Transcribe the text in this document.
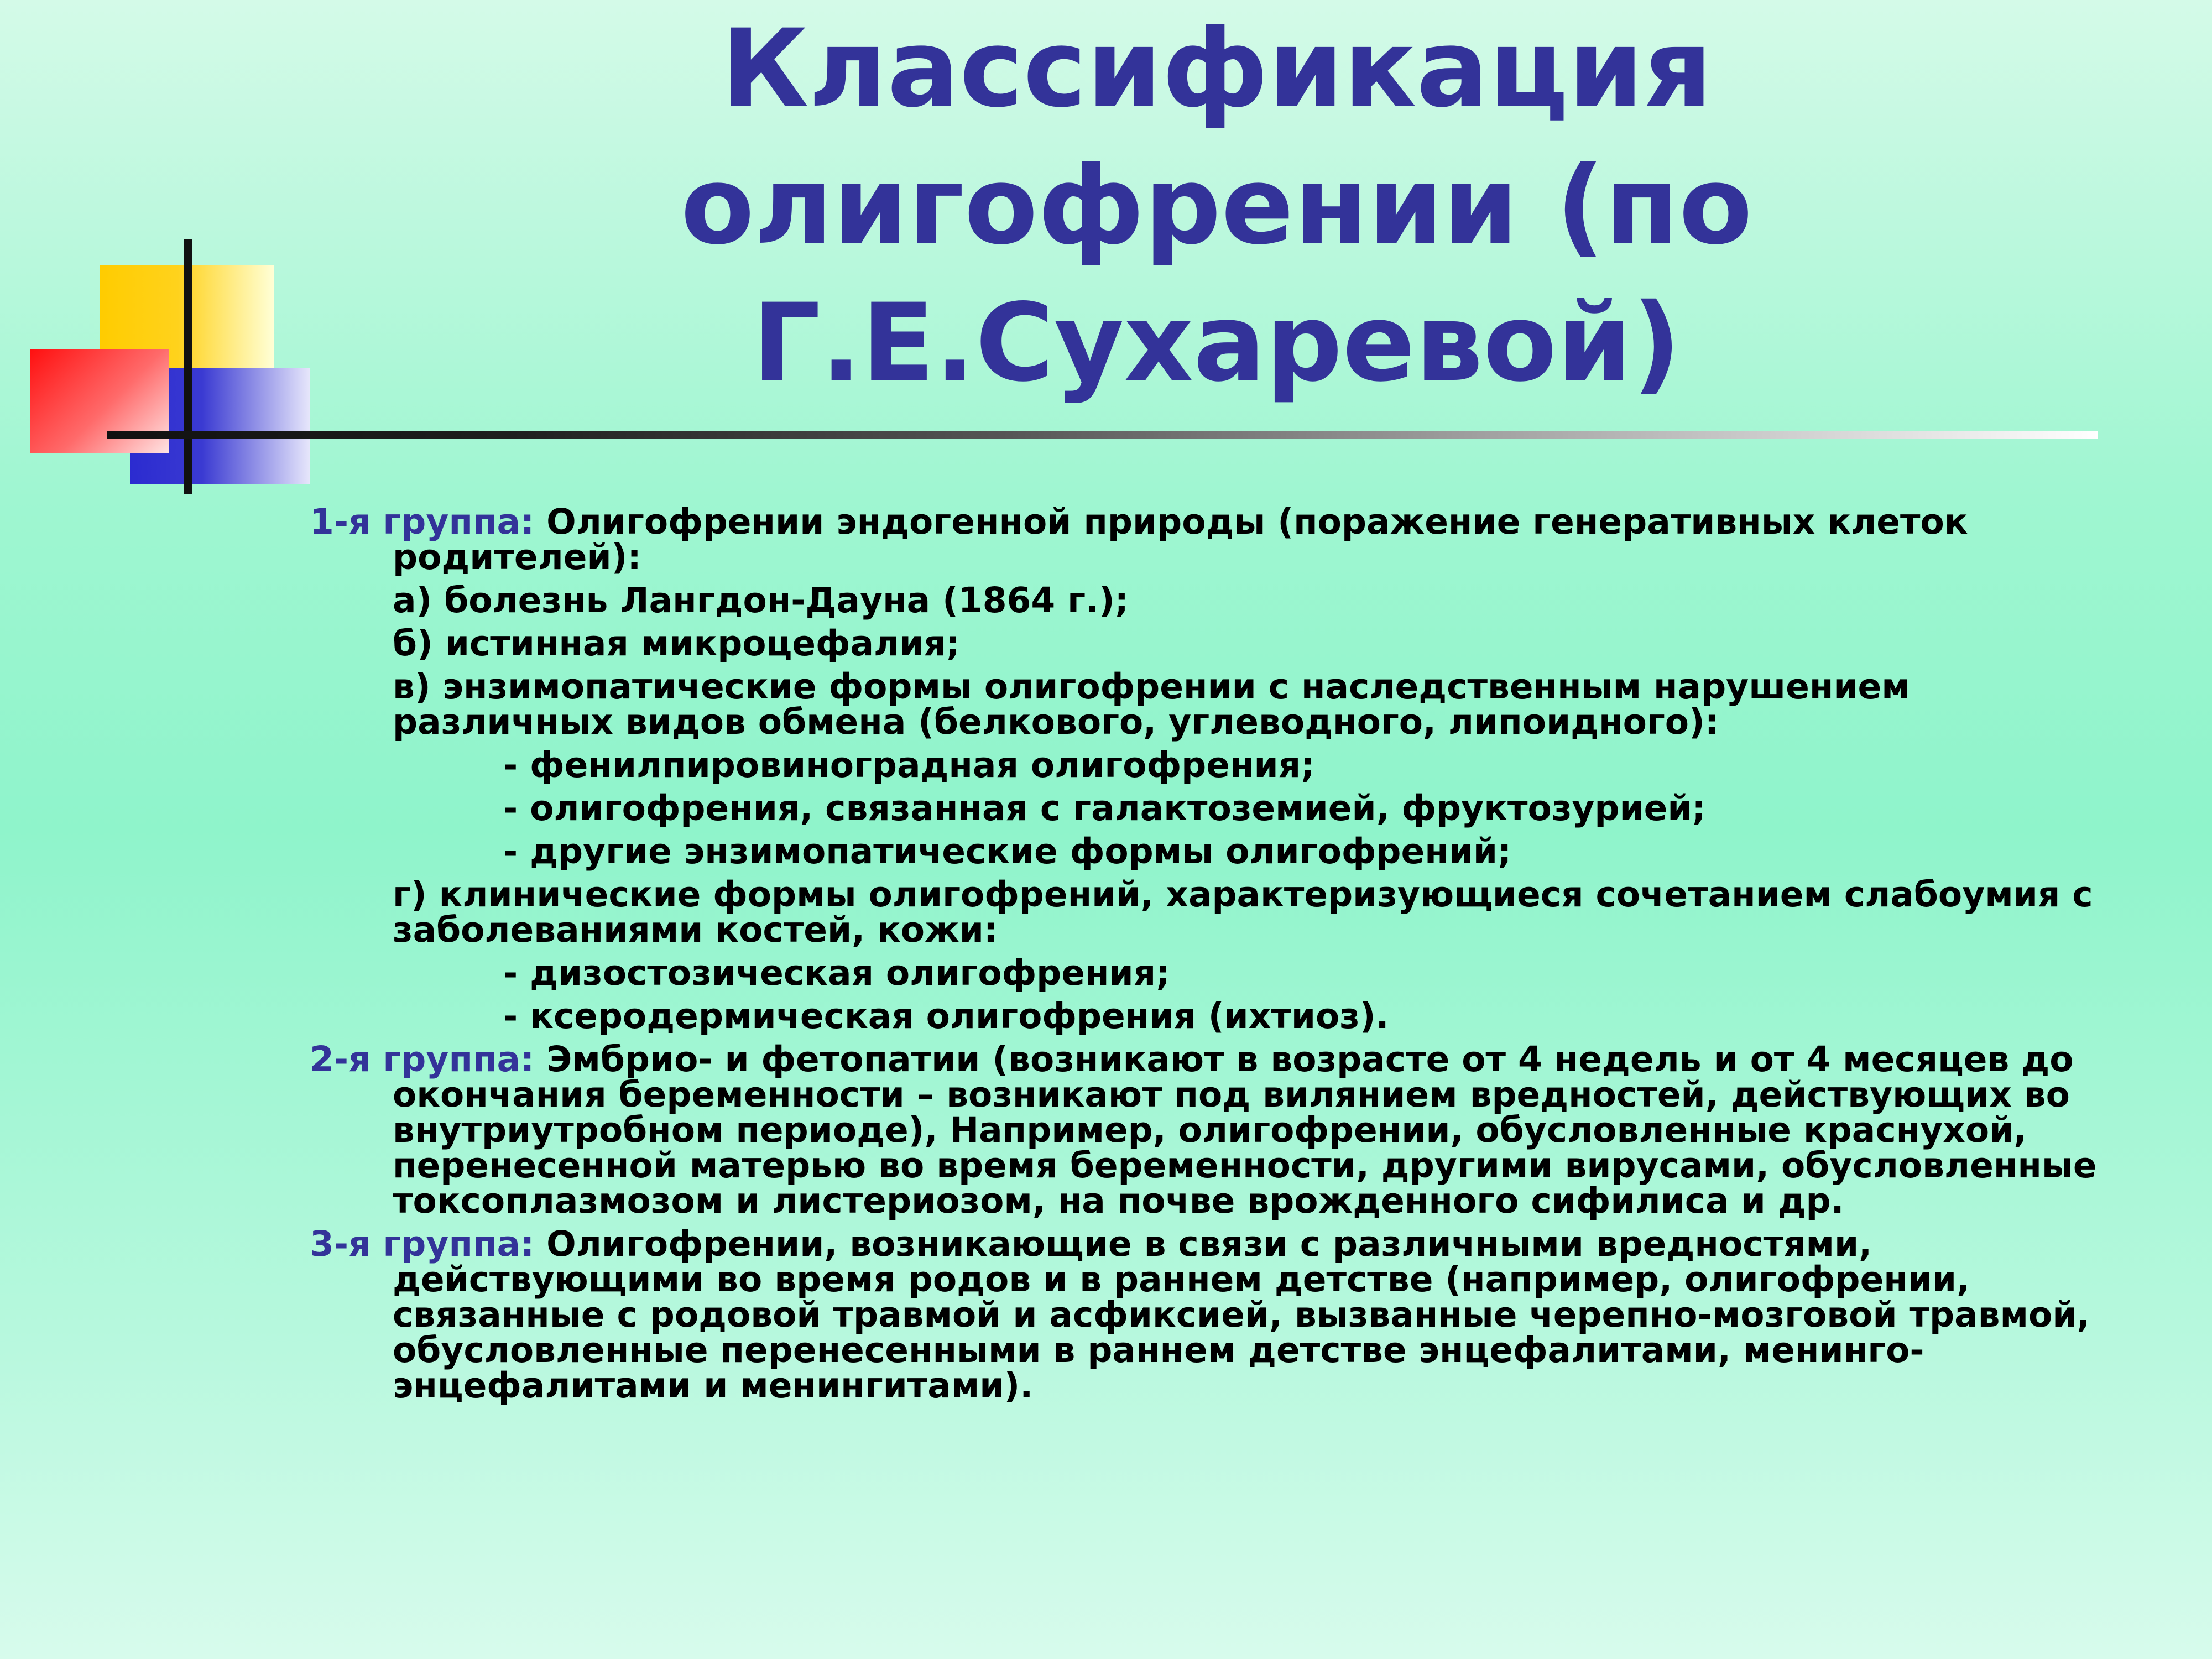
Классификация
олигофрении (по
Г.Е.Сухаревой)

1-я группа: Олигофрении эндогенной природы (поражение генеративных клеток родителей):

а) болезнь Лангдон-Дауна (1864 г.);

б) истинная микроцефалия;

в) энзимопатические формы олигофрении с наследственным нарушением различных видов обмена (белкового, углеводного, липоидного):

- фенилпировиноградная олигофрения;

- олигофрения, связанная с галактоземией, фруктозурией;

- другие энзимопатические формы олигофрений;

г) клинические формы олигофрений, характеризующиеся сочетанием слабоумия с заболеваниями костей, кожи:

- дизостозическая олигофрения;

- ксеродермическая олигофрения (ихтиоз).

2-я группа: Эмбрио- и фетопатии (возникают в возрасте от 4 недель и от 4 месяцев до окончания беременности – возникают под вилянием вредностей, действующих во внутриутробном периоде), Например, олигофрении, обусловленные краснухой, перенесенной матерью во время беременности, другими вирусами, обусловленные токсоплазмозом и листериозом, на почве врожденного сифилиса и др.

3-я группа: Олигофрении, возникающие в связи с различными вредностями, действующими во время родов и в раннем детстве (например, олигофрении, связанные с родовой травмой и асфиксией, вызванные черепно-мозговой травмой, обусловленные перенесенными в раннем детстве энцефалитами, менинго-энцефалитами и менингитами).
